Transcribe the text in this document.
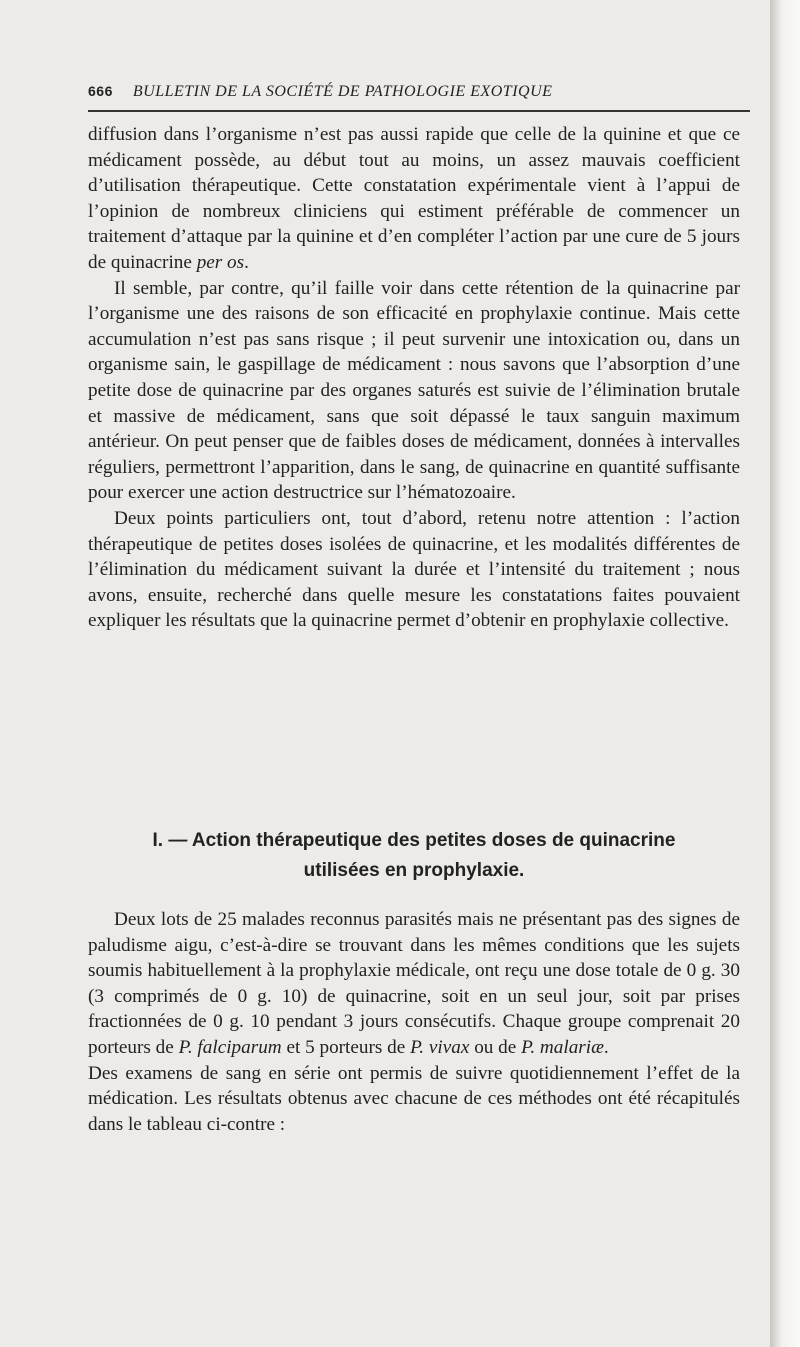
666 BULLETIN DE LA SOCIÉTÉ DE PATHOLOGIE EXOTIQUE

diffusion dans l’organisme n’est pas aussi rapide que celle de la quinine et que ce médicament possède, au début tout au moins, un assez mauvais coefficient d’utilisation thérapeutique. Cette constatation expérimentale vient à l’appui de l’opinion de nombreux cliniciens qui estiment préférable de commencer un traitement d’attaque par la quinine et d’en compléter l’action par une cure de 5 jours de quinacrine per os.

Il semble, par contre, qu’il faille voir dans cette rétention de la quinacrine par l’organisme une des raisons de son efficacité en prophylaxie continue. Mais cette accumulation n’est pas sans risque ; il peut survenir une intoxication ou, dans un organisme sain, le gaspillage de médicament : nous savons que l’absorption d’une petite dose de quinacrine par des organes saturés est suivie de l’élimination brutale et massive de médicament, sans que soit dépassé le taux sanguin maximum antérieur. On peut penser que de faibles doses de médicament, données à intervalles réguliers, permettront l’apparition, dans le sang, de quinacrine en quantité suffisante pour exercer une action destructrice sur l’hématozoaire.

Deux points particuliers ont, tout d’abord, retenu notre attention : l’action thérapeutique de petites doses isolées de quinacrine, et les modalités différentes de l’élimination du médicament suivant la durée et l’intensité du traitement ; nous avons, ensuite, recherché dans quelle mesure les constatations faites pouvaient expliquer les résultats que la quinacrine permet d’obtenir en prophylaxie collective.

I. — Action thérapeutique des petites doses de quinacrine
utilisées en prophylaxie.

Deux lots de 25 malades reconnus parasités mais ne présentant pas des signes de paludisme aigu, c’est-à-dire se trouvant dans les mêmes conditions que les sujets soumis habituellement à la prophylaxie médicale, ont reçu une dose totale de 0 g. 30 (3 comprimés de 0 g. 10) de quinacrine, soit en un seul jour, soit par prises fractionnées de 0 g. 10 pendant 3 jours consécutifs. Chaque groupe comprenait 20 porteurs de P. falciparum et 5 porteurs de P. vivax ou de P. malariæ.

Des examens de sang en série ont permis de suivre quotidiennement l’effet de la médication. Les résultats obtenus avec chacune de ces méthodes ont été récapitulés dans le tableau ci-contre :
